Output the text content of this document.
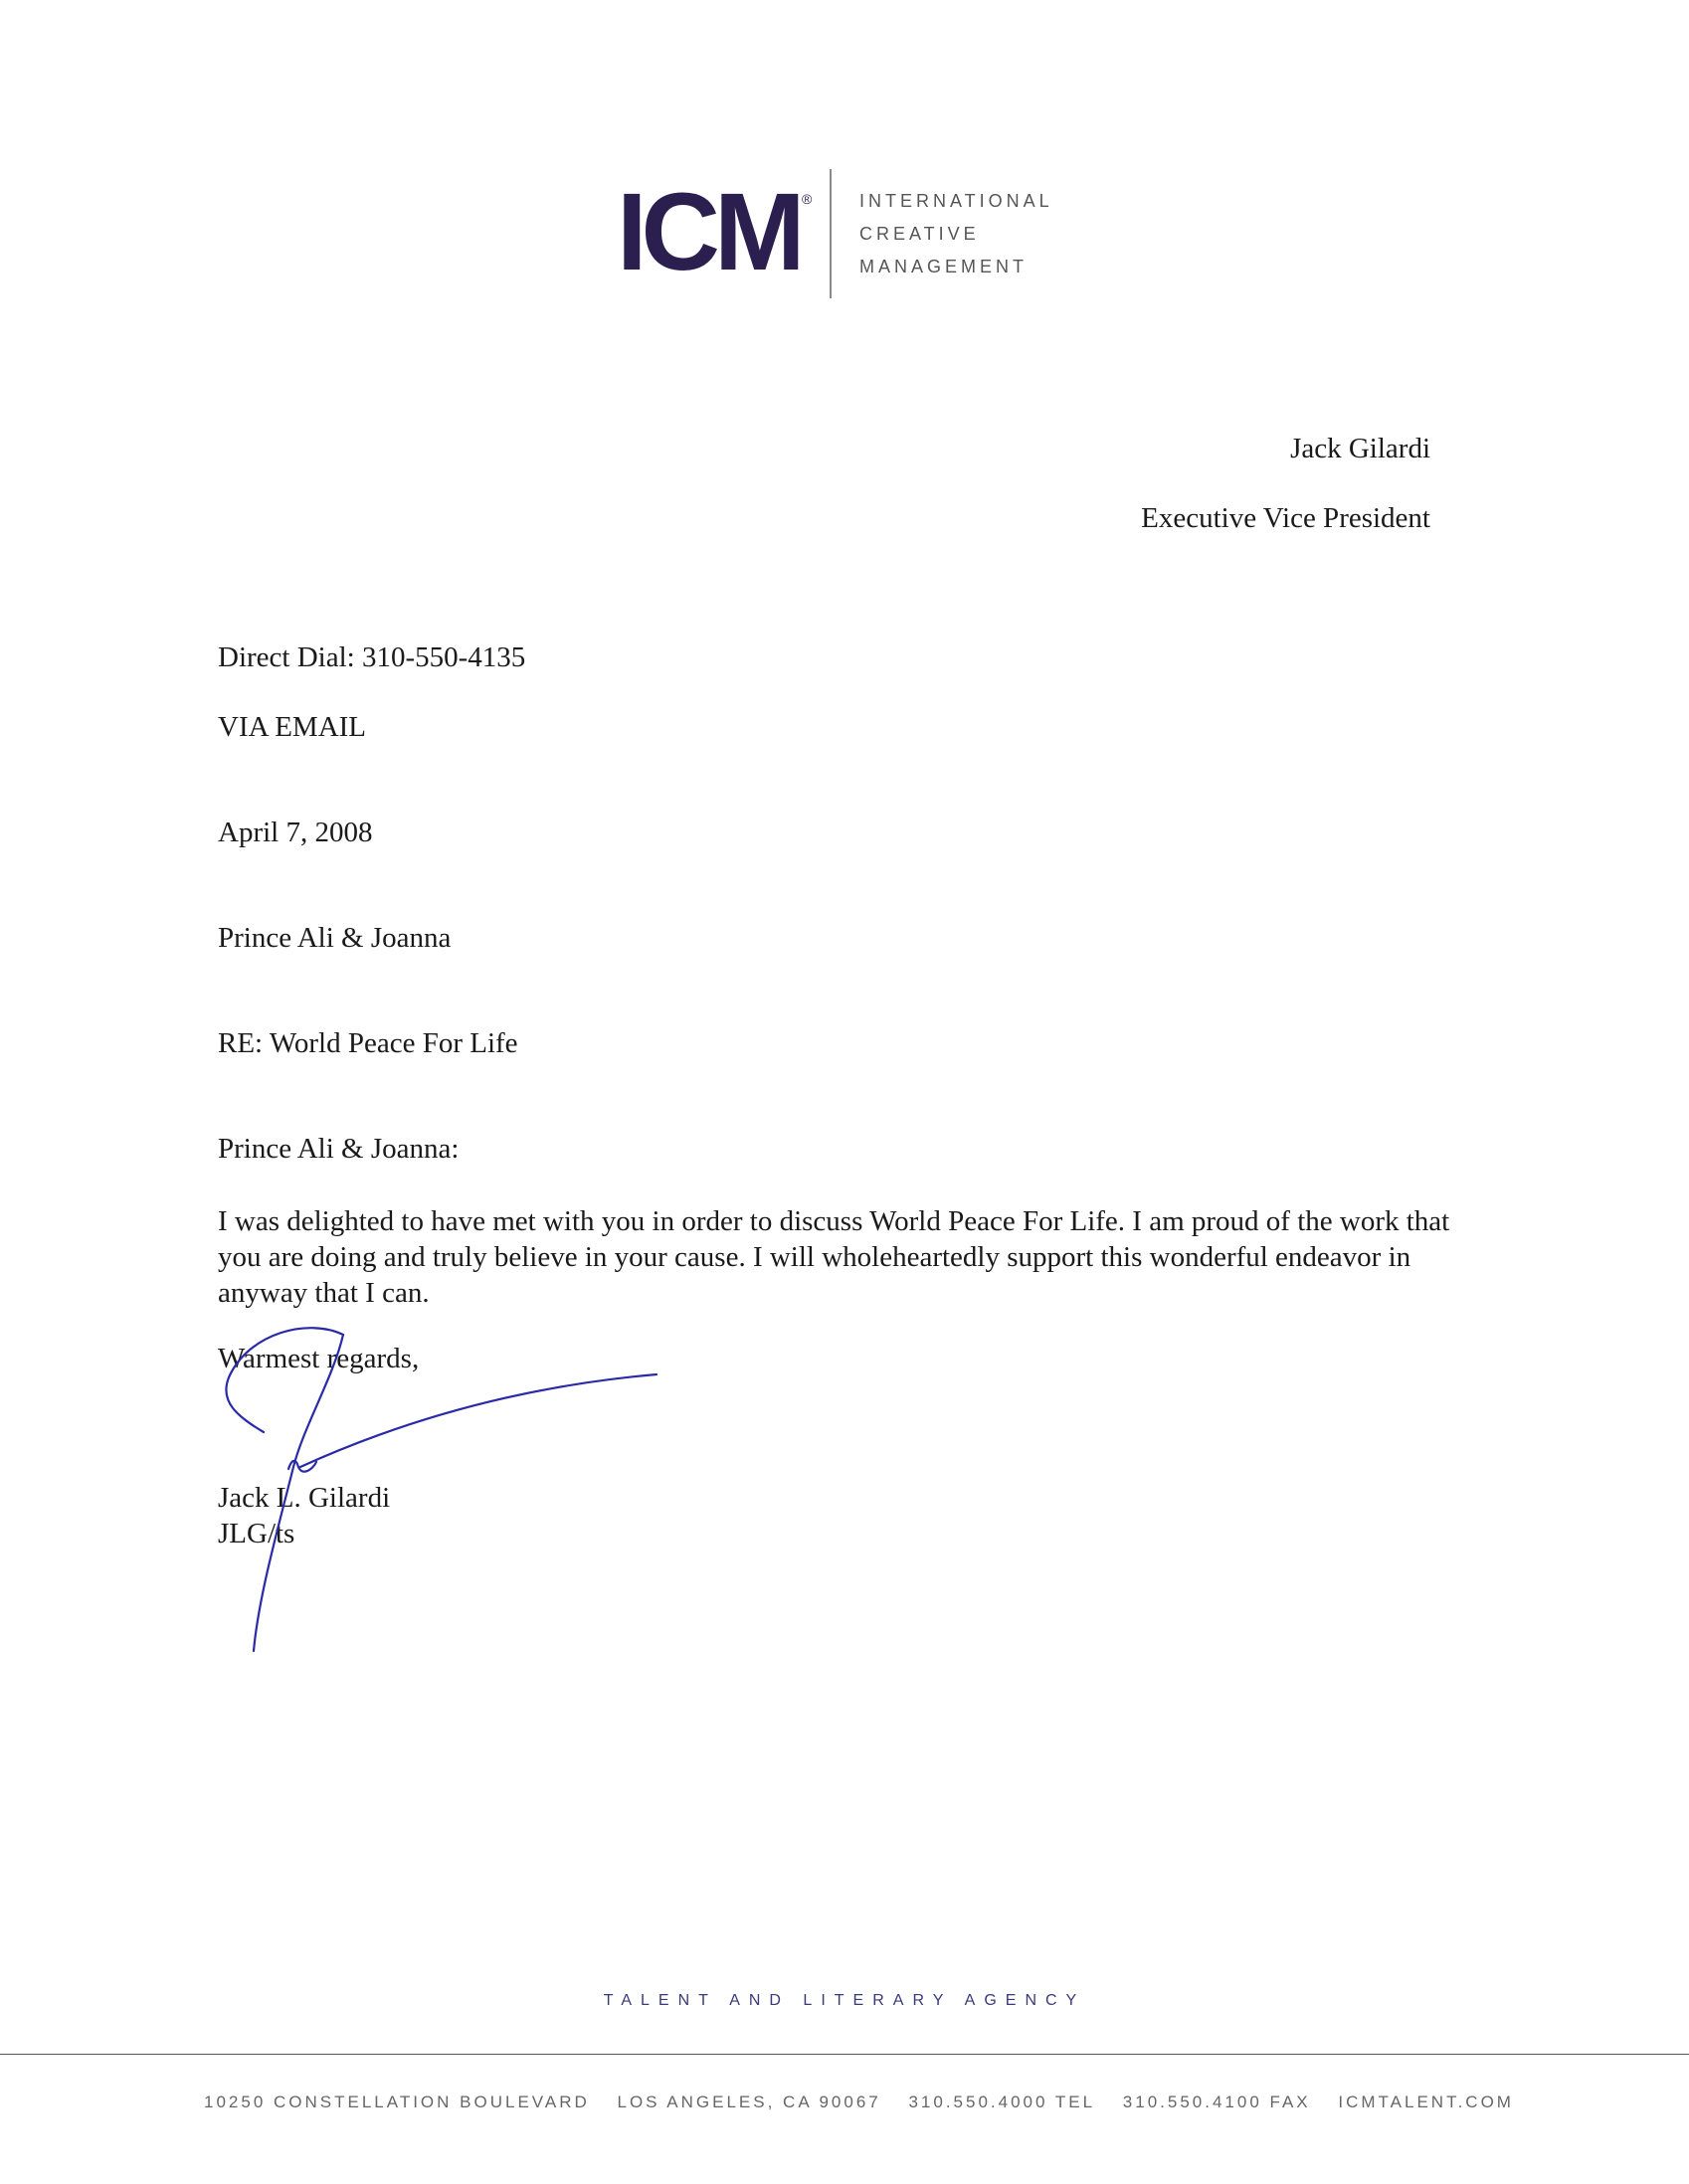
ICM ®	INTERNATIONAL
CREATIVE
MANAGEMENT
Jack Gilardi
Executive Vice President
Direct Dial: 310-550-4135
VIA EMAIL
April 7, 2008
Prince Ali & Joanna
RE: World Peace For Life
Prince Ali & Joanna:

I was delighted to have met with you in order to discuss World Peace For Life. I am proud of the work that you are doing and truly believe in your cause. I will wholeheartedly support this wonderful endeavor in anyway that I can.

Warmest regards,
Jack L. Gilardi
JLG/ts
TALENT AND LITERARY AGENCY
10250 CONSTELLATION BOULEVARD LOS ANGELES, CA 90067 310.550.4000 TEL 310.550.4100 FAX ICMTALENT.COM
